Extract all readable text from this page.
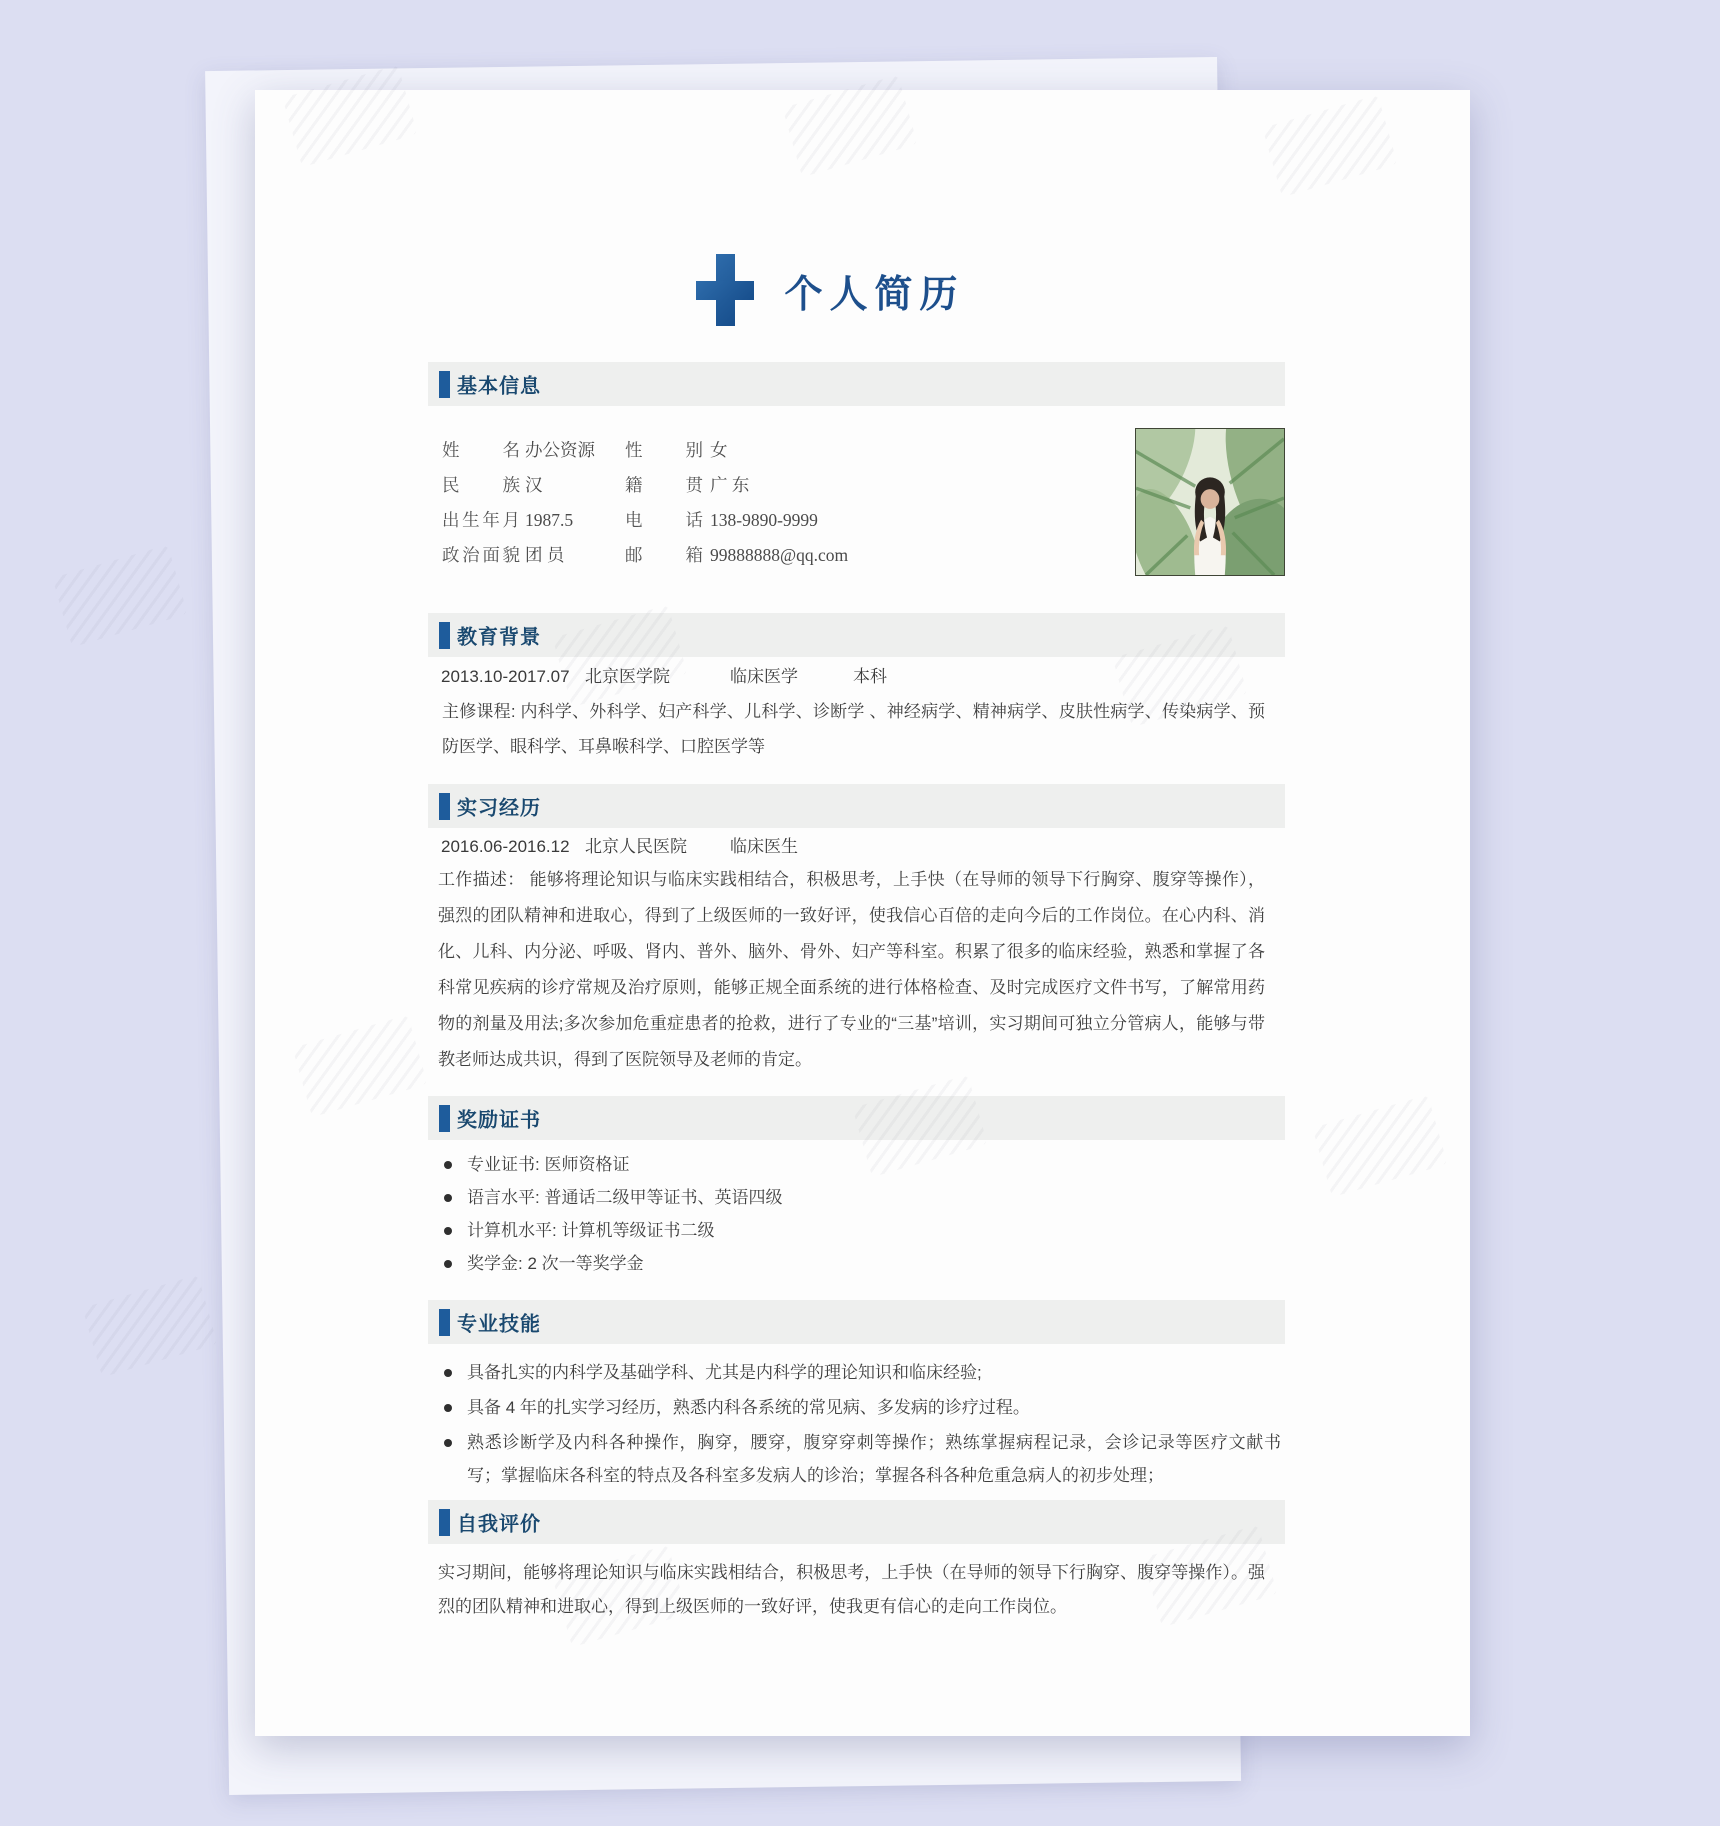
个人简历
基本信息
姓名 办公资源 性别 女
民族 汉	籍贯 广 东
出生年月 1987.5	电话 138-9890-9999
政治面貌 团 员	邮箱 99888888@qq.com
教育背景
2013.10-2017.07 北京医学院	临床医学	本科
主修课程: 内科学、外科学、妇产科学、儿科学、诊断学 、神经病学、精神病学、皮肤性病学、传染病学、预防医学、眼科学、耳鼻喉科学、口腔医学等
实习经历
2016.06-2016.12 北京人民医院	临床医生
工作描述： 能够将理论知识与临床实践相结合，积极思考，上手快（在导师的领导下行胸穿、腹穿等操作），强烈的团队精神和进取心，得到了上级医师的一致好评，使我信心百倍的走向今后的工作岗位。在心内科、消化、儿科、内分泌、呼吸、肾内、普外、脑外、骨外、妇产等科室。积累了很多的临床经验，熟悉和掌握了各科常见疾病的诊疗常规及治疗原则，能够正规全面系统的进行体格检查、及时完成医疗文件书写，了解常用药物的剂量及用法;多次参加危重症患者的抢救，进行了专业的“三基”培训，实习期间可独立分管病人，能够与带教老师达成共识，得到了医院领导及老师的肯定。
奖励证书
专业证书: 医师资格证
语言水平: 普通话二级甲等证书、英语四级
计算机水平: 计算机等级证书二级
奖学金: 2 次一等奖学金
专业技能
具备扎实的内科学及基础学科、尤其是内科学的理论知识和临床经验;
具备 4 年的扎实学习经历，熟悉内科各系统的常见病、多发病的诊疗过程。
熟悉诊断学及内科各种操作，胸穿，腰穿，腹穿穿刺等操作；熟练掌握病程记录，会诊记录等医疗文献书写；掌握临床各科室的特点及各科室多发病人的诊治；掌握各科各种危重急病人的初步处理；
自我评价
实习期间，能够将理论知识与临床实践相结合，积极思考，上手快（在导师的领导下行胸穿、腹穿等操作）。强烈的团队精神和进取心，得到上级医师的一致好评，使我更有信心的走向工作岗位。
